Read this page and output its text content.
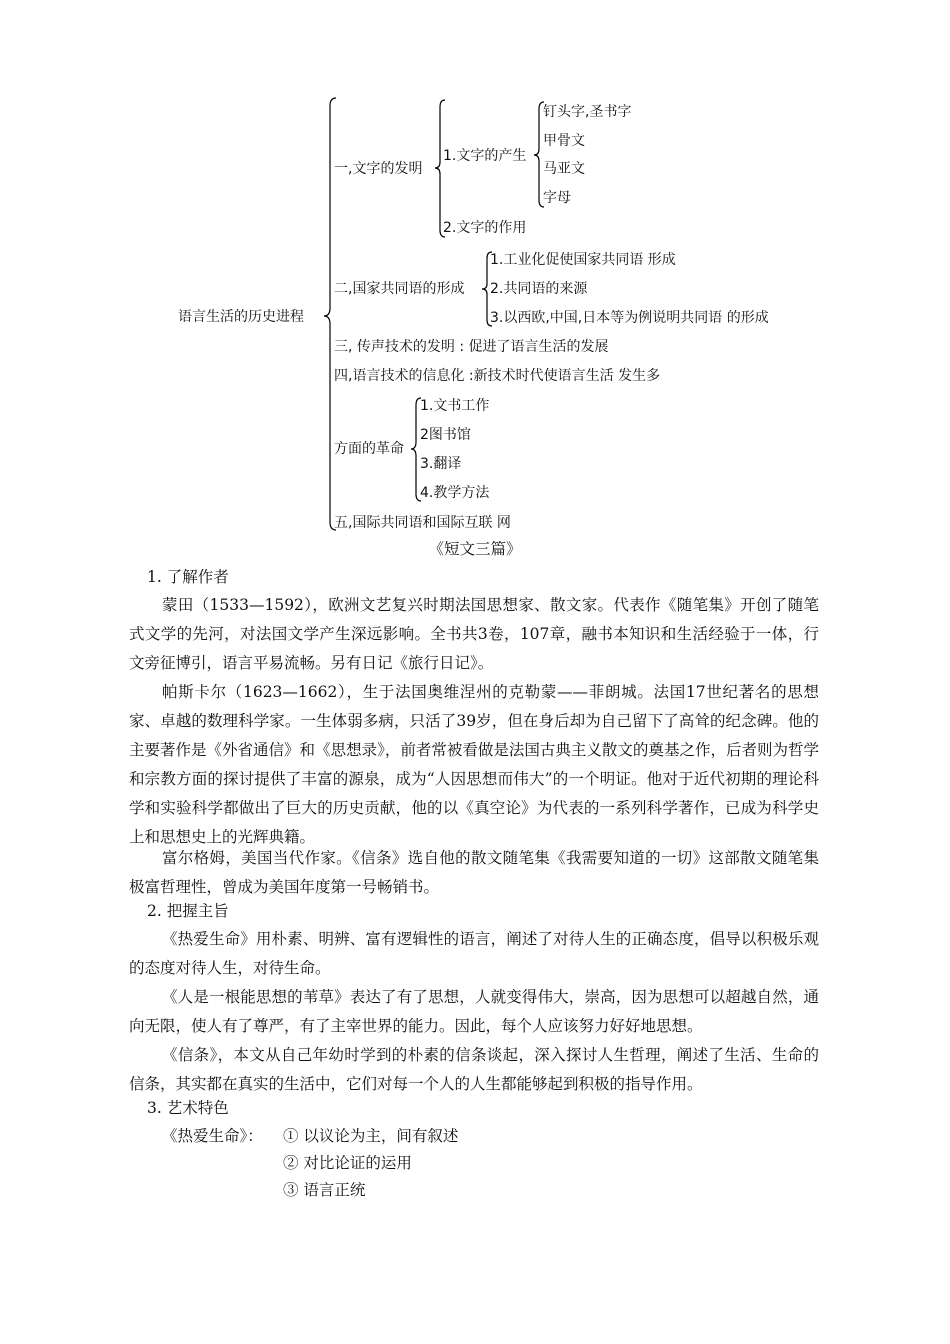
语言生活的历史进程
一,文字的发明
1.文字的产生
钉头字,圣书字
甲骨文
马亚文
字母
2.文字的作用
二,国家共同语的形成
1.工业化促使国家共同语 形成
2.共同语的来源
3.以西欧,中国,日本等为例说明共同语 的形成
三, 传声技术的发明 : 促进了语言生活的发展
四,语言技术的信息化 :新技术时代使语言生活 发生多
方面的革命
1.文书工作
2图书馆
3.翻译
4.教学方法
五,国际共同语和国际互联 网
《短文三篇》
1. 了解作者
蒙田（1533—1592），欧洲文艺复兴时期法国思想家、散文家。代表作《随笔集》开创了随笔式文学的先河，对法国文学产生深远影响。全书共3卷，107章，融书本知识和生活经验于一体，行文旁征博引，语言平易流畅。另有日记《旅行日记》。
帕斯卡尔（1623—1662），生于法国奥维涅州的克勒蒙——菲朗城。法国17世纪著名的思想家、卓越的数理科学家。一生体弱多病，只活了39岁，但在身后却为自己留下了高耸的纪念碑。他的主要著作是《外省通信》和《思想录》，前者常被看做是法国古典主义散文的奠基之作，后者则为哲学和宗教方面的探讨提供了丰富的源泉，成为“人因思想而伟大”的一个明证。他对于近代初期的理论科学和实验科学都做出了巨大的历史贡献，他的以《真空论》为代表的一系列科学著作，已成为科学史上和思想史上的光辉典籍。
富尔格姆，美国当代作家。《信条》选自他的散文随笔集《我需要知道的一切》这部散文随笔集极富哲理性，曾成为美国年度第一号畅销书。
2. 把握主旨
《热爱生命》用朴素、明辨、富有逻辑性的语言，阐述了对待人生的正确态度，倡导以积极乐观的态度对待人生，对待生命。
《人是一根能思想的苇草》表达了有了思想，人就变得伟大，崇高，因为思想可以超越自然，通向无限，使人有了尊严，有了主宰世界的能力。因此，每个人应该努力好好地思想。
《信条》，本文从自己年幼时学到的朴素的信条谈起，深入探讨人生哲理，阐述了生活、生命的信条，其实都在真实的生活中，它们对每一个人的人生都能够起到积极的指导作用。
3. 艺术特色
《热爱生命》： ① 以议论为主，间有叙述
② 对比论证的运用
③ 语言正统
